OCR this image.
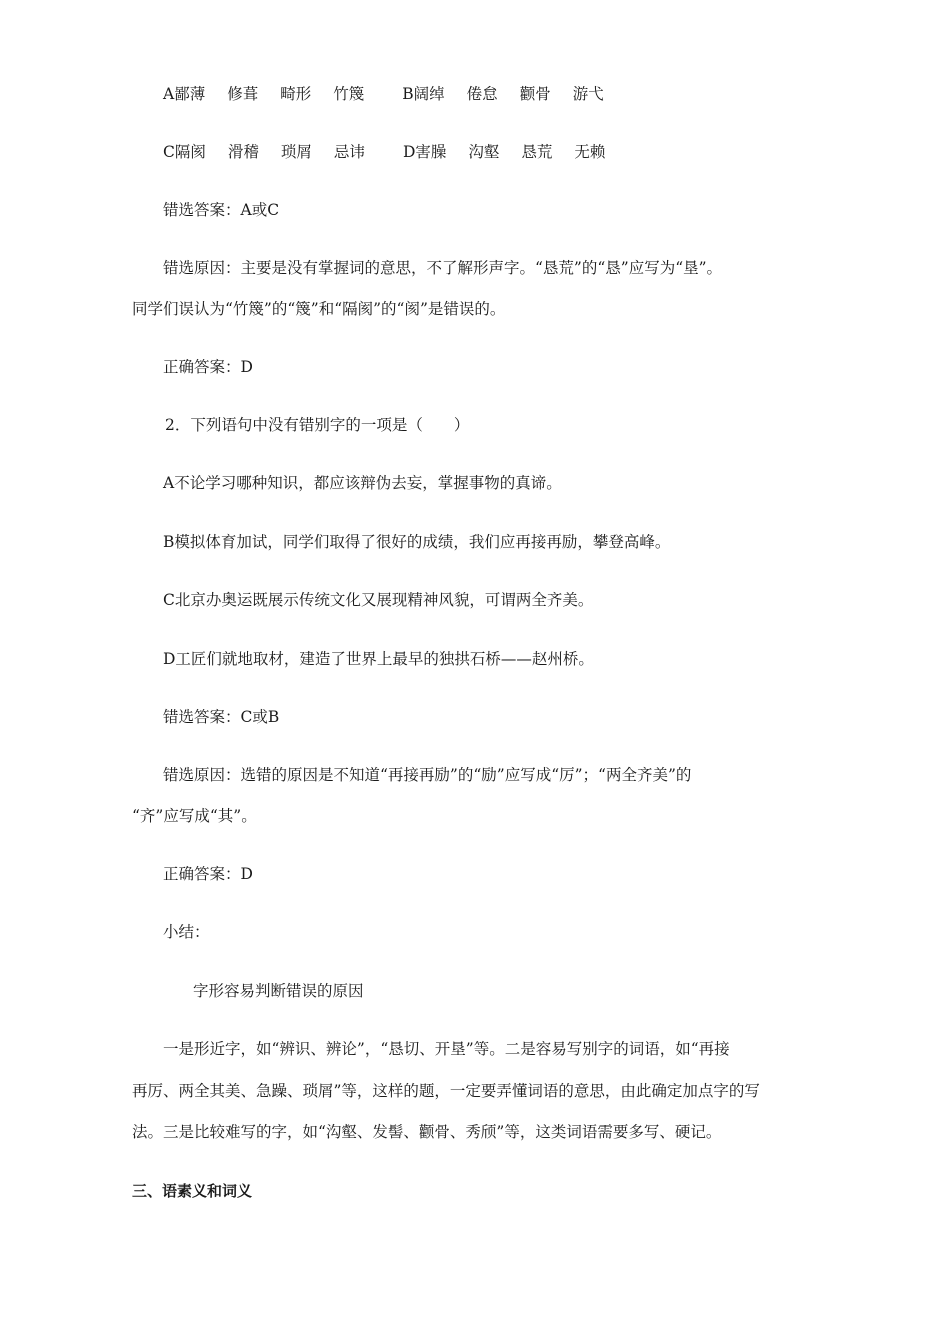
A鄙薄 修葺 畸形 竹篾 B阔绰 倦怠 颧骨 游弋
C隔阂 滑稽 琐屑 忌讳 D害臊 沟壑 恳荒 无赖
错选答案：A或C
错选原因：主要是没有掌握词的意思，不了解形声字。“恳荒”的“恳”应写为“垦”。
同学们误认为“竹篾”的“篾”和“隔阂”的“阂”是错误的。
正确答案：D
2．下列语句中没有错别字的一项是（　　）
A不论学习哪种知识，都应该辩伪去妄，掌握事物的真谛。
B模拟体育加试，同学们取得了很好的成绩，我们应再接再励，攀登高峰。
C北京办奥运既展示传统文化又展现精神风貌，可谓两全齐美。
D工匠们就地取材，建造了世界上最早的独拱石桥——赵州桥。
错选答案：C或B
错选原因：选错的原因是不知道“再接再励”的“励”应写成“厉”；“两全齐美”的
“齐”应写成“其”。
正确答案：D
小结：
字形容易判断错误的原因
一是形近字，如“辨识、辨论”，“恳切、开垦”等。二是容易写别字的词语，如“再接
再厉、两全其美、急躁、琐屑”等，这样的题，一定要弄懂词语的意思，由此确定加点字的写
法。三是比较难写的字，如“沟壑、发髻、颧骨、秀颀”等，这类词语需要多写、硬记。
三、语素义和词义
